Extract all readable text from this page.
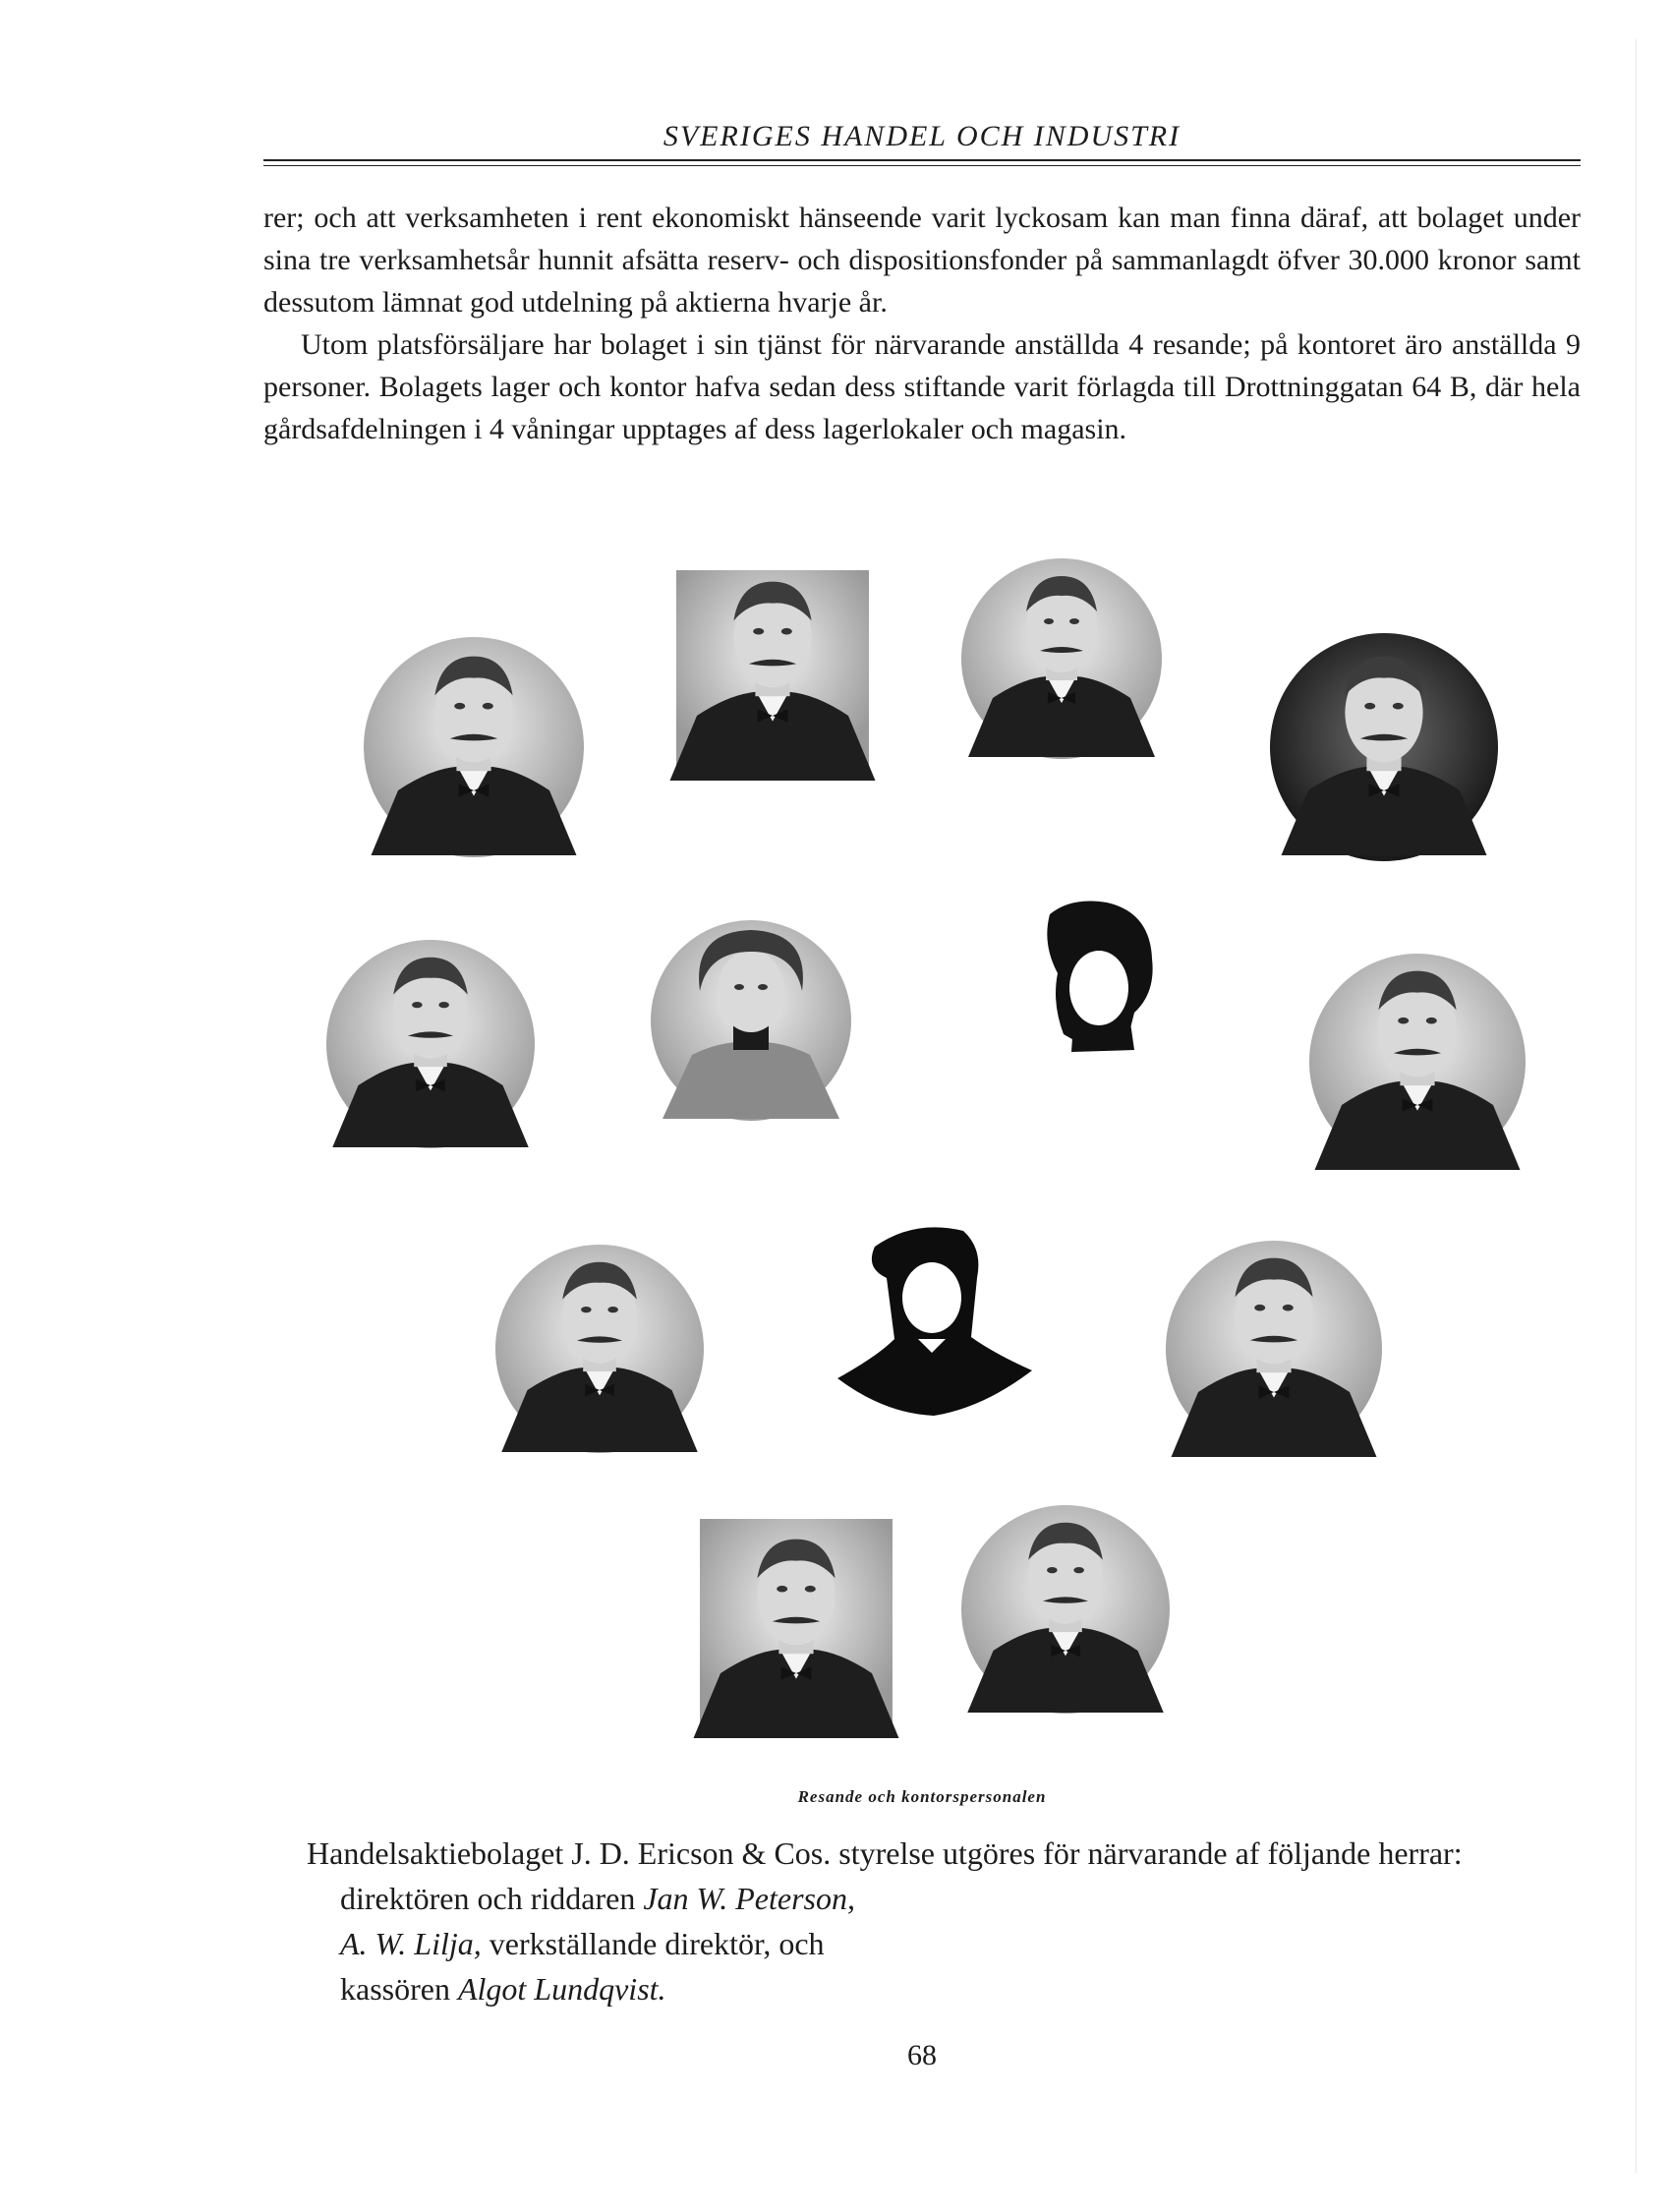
SVERIGES HANDEL OCH INDUSTRI

rer; och att verksamheten i rent ekonomiskt hänseende varit lyckosam kan man finna däraf, att bolaget under sina tre verksamhetsår hunnit afsätta reserv- och dispositionsfonder på sammanlagdt öfver 30.000 kronor samt dessutom lämnat god utdelning på aktierna hvarje år.

Utom platsförsäljare har bolaget i sin tjänst för närvarande anställda 4 resande; på kontoret äro anställda 9 personer. Bolagets lager och kontor hafva sedan dess stiftande varit förlagda till Drottninggatan 64 B, där hela gårdsafdelningen i 4 våningar upptages af dess lagerlokaler och magasin.

Resande och kontorspersonalen

Handelsaktiebolaget J. D. Ericson & Cos. styrelse utgöres för närvarande af följande herrar:

direktören och riddaren Jan W. Peterson,
A. W. Lilja, verkställande direktör, och
kassören Algot Lundqvist.
68
